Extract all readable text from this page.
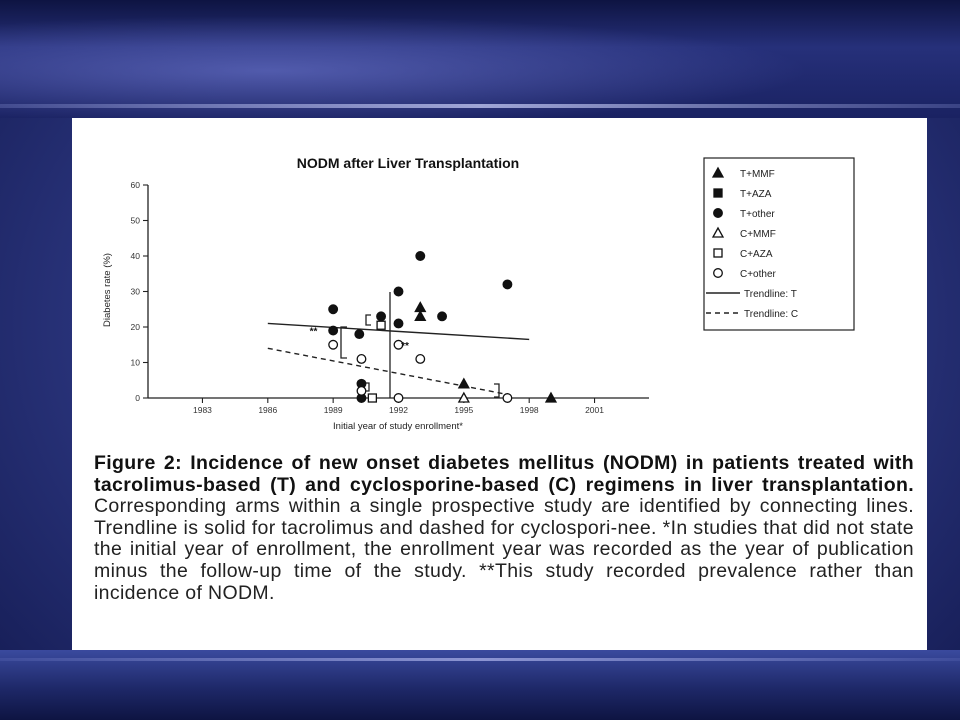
NODM after Liver Transplantation
0
10
20
30
40
50
60
1983	1986	1989	1992	1995	1998	2001
Diabetes rate (%)
Initial year of study enrollment*
**
**
T+MMF
T+AZA
T+other
C+MMF
C+AZA
C+other
Trendline: T
Trendline: C
Figure 2: Incidence of new onset diabetes mellitus (NODM) in patients treated with tacrolimus-based (T) and cyclosporine-based (C) regimens in liver transplantation. Corresponding arms within a single prospective study are identified by connecting lines. Trendline is solid for tacrolimus and dashed for cyclospori-nee. *In studies that did not state the initial year of enrollment, the enrollment year was recorded as the year of publication minus the follow-up time of the study. **This study recorded prevalence rather than incidence of NODM.
